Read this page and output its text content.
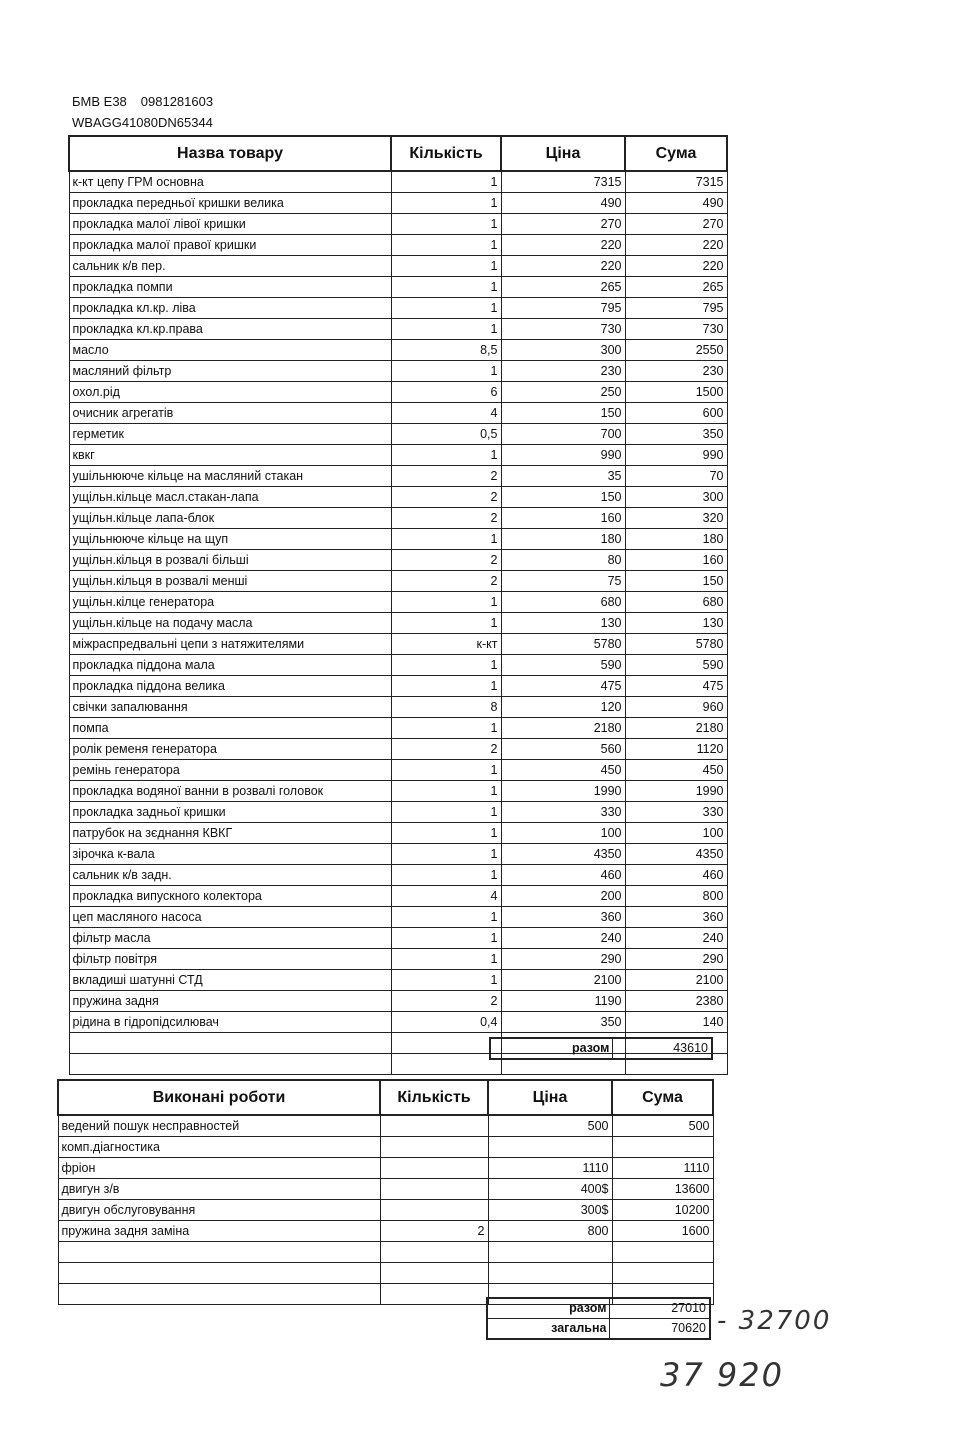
БМВ Е38 0981281603
WBAGG41080DN65344
Назва товару	Кількість	Ціна	Сума
к-кт цепу ГРМ основна	1	7315	7315
прокладка передньої кришки велика	1	490	490
прокладка малої лівої кришки	1	270	270
прокладка малої правої кришки	1	220	220
сальник к/в пер.	1	220	220
прокладка помпи	1	265	265
прокладка кл.кр. ліва	1	795	795
прокладка кл.кр.права	1	730	730
масло	8,5	300	2550
масляний фільтр	1	230	230
охол.рід	6	250	1500
очисник агрегатів	4	150	600
герметик	0,5	700	350
квкг	1	990	990
ушільнююче кільце на масляний стакан	2	35	70
ущільн.кільце масл.стакан-лапа	2	150	300
ущільн.кільце лапа-блок	2	160	320
ущільнююче кільце на щуп	1	180	180
ущільн.кільця в розвалі більші	2	80	160
ущільн.кільця в розвалі менші	2	75	150
ущільн.кілце генератора	1	680	680
ущільн.кільце на подачу масла	1	130	130
міжраспредвальні цепи з натяжителями	к-кт	5780	5780
прокладка піддона мала	1	590	590
прокладка піддона велика	1	475	475
свічки запалювання	8	120	960
помпа	1	2180	2180
ролік ременя генератора	2	560	1120
ремінь генератора	1	450	450
прокладка водяної ванни в розвалі головок	1	1990	1990
прокладка задньої кришки	1	330	330
патрубок на зєднання КВКГ	1	100	100
зірочка к-вала	1	4350	4350
сальник к/в задн.	1	460	460
прокладка випускного колектора	4	200	800
цеп масляного насоса	1	360	360
фільтр масла	1	240	240
фільтр повітря	1	290	290
вкладиші шатунні СТД	1	2100	2100
пружина задня	2	1190	2380
рідина в гідропідсилювач	0,4	350	140

разом	43610
Виконані роботи	Кількість	Ціна	Сума
ведений пошук несправностей		500	500
комп.діагностика			
фріон		1110	1110
двигун з/в		400$	13600
двигун обслуговування		300$	10200
пружина задня заміна	2	800	1600

разом	27010
загальна	70620 - 32700
37 920
